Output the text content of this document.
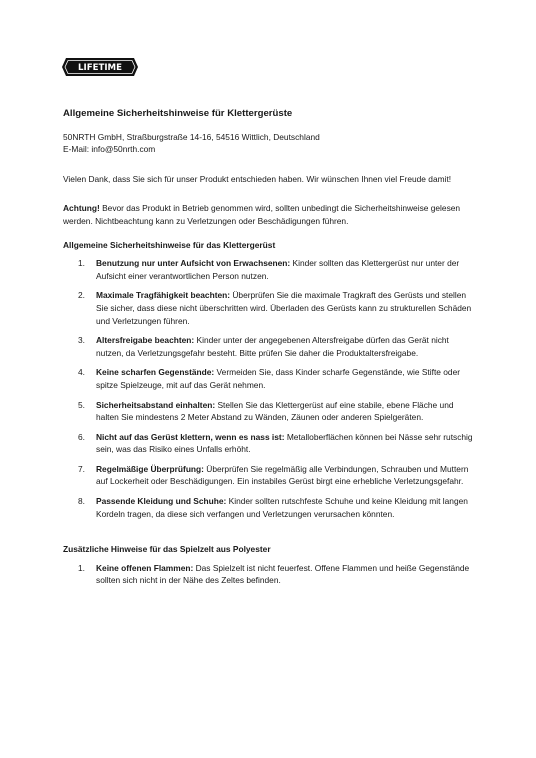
LIFETIME
Allgemeine Sicherheitshinweise für Klettergerüste

50NRTH GmbH, Straßburgstraße 14-16, 54516 Wittlich, Deutschland

E-Mail: info@50nrth.com

Vielen Dank, dass Sie sich für unser Produkt entschieden haben. Wir wünschen Ihnen viel Freude damit!

Achtung! Bevor das Produkt in Betrieb genommen wird, sollten unbedingt die Sicherheitshinweise gelesen werden. Nichtbeachtung kann zu Verletzungen oder Beschädigungen führen.

Allgemeine Sicherheitshinweise für das Klettergerüst
1. Benutzung nur unter Aufsicht von Erwachsenen: Kinder sollten das Klettergerüst nur unter der Aufsicht einer verantwortlichen Person nutzen.
2. Maximale Tragfähigkeit beachten: Überprüfen Sie die maximale Tragkraft des Gerüsts und stellen Sie sicher, dass diese nicht überschritten wird. Überladen des Gerüsts kann zu strukturellen Schäden und Verletzungen führen.
3. Altersfreigabe beachten: Kinder unter der angegebenen Altersfreigabe dürfen das Gerät nicht nutzen, da Verletzungsgefahr besteht. Bitte prüfen Sie daher die Produktaltersfreigabe.
4. Keine scharfen Gegenstände: Vermeiden Sie, dass Kinder scharfe Gegenstände, wie Stifte oder spitze Spielzeuge, mit auf das Gerät nehmen.
5. Sicherheitsabstand einhalten: Stellen Sie das Klettergerüst auf eine stabile, ebene Fläche und halten Sie mindestens 2 Meter Abstand zu Wänden, Zäunen oder anderen Spielgeräten.
6. Nicht auf das Gerüst klettern, wenn es nass ist: Metalloberflächen können bei Nässe sehr rutschig sein, was das Risiko eines Unfalls erhöht.
7. Regelmäßige Überprüfung: Überprüfen Sie regelmäßig alle Verbindungen, Schrauben und Muttern auf Lockerheit oder Beschädigungen. Ein instabiles Gerüst birgt eine erhebliche Verletzungsgefahr.
8. Passende Kleidung und Schuhe: Kinder sollten rutschfeste Schuhe und keine Kleidung mit langen Kordeln tragen, da diese sich verfangen und Verletzungen verursachen könnten.
Zusätzliche Hinweise für das Spielzelt aus Polyester
1. Keine offenen Flammen: Das Spielzelt ist nicht feuerfest. Offene Flammen und heiße Gegenstände sollten sich nicht in der Nähe des Zeltes befinden.
